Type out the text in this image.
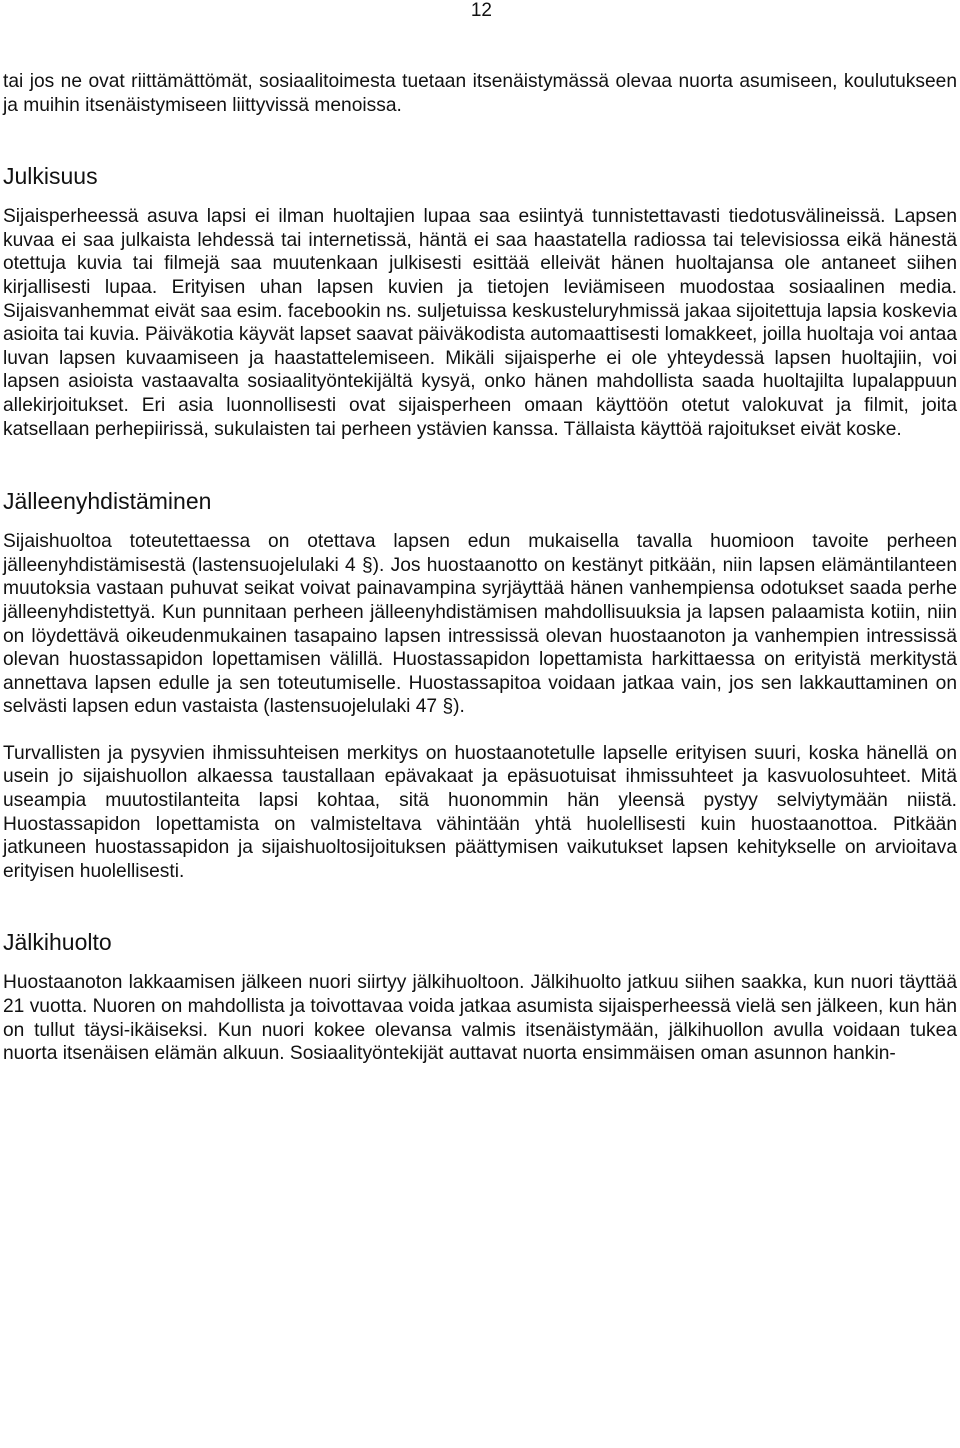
12

tai jos ne ovat riittämättömät, sosiaalitoimesta tuetaan itsenäistymässä olevaa nuorta asumiseen, koulutukseen ja muihin itsenäistymiseen liittyvissä menoissa.

Julkisuus

Sijaisperheessä asuva lapsi ei ilman huoltajien lupaa saa esiintyä tunnistettavasti tiedotusvälineissä. Lapsen kuvaa ei saa julkaista lehdessä tai internetissä, häntä ei saa haastatella radiossa tai televisiossa eikä hänestä otettuja kuvia tai filmejä saa muutenkaan julkisesti esittää elleivät hänen huoltajansa ole antaneet siihen kirjallisesti lupaa. Erityisen uhan lapsen kuvien ja tietojen leviämiseen muodostaa sosiaalinen media. Sijaisvanhemmat eivät saa esim. facebookin ns. suljetuissa keskusteluryhmissä jakaa sijoitettuja lapsia koskevia asioita tai kuvia. Päiväkotia käyvät lapset saavat päiväkodista automaattisesti lomakkeet, joilla huoltaja voi antaa luvan lapsen kuvaamiseen ja haastattelemiseen. Mikäli sijaisperhe ei ole yhteydessä lapsen huoltajiin, voi lapsen asioista vastaavalta sosiaalityöntekijältä kysyä, onko hänen mahdollista saada huoltajilta lupalappuun allekirjoitukset. Eri asia luonnollisesti ovat sijaisperheen omaan käyttöön otetut valokuvat ja filmit, joita katsellaan perhepiirissä, sukulaisten tai perheen ystävien kanssa. Tällaista käyttöä rajoitukset eivät koske.

Jälleenyhdistäminen

Sijaishuoltoa toteutettaessa on otettava lapsen edun mukaisella tavalla huomioon tavoite perheen jälleenyhdistämisestä (lastensuojelulaki 4 §). Jos huostaanotto on kestänyt pitkään, niin lapsen elämäntilanteen muutoksia vastaan puhuvat seikat voivat painavampina syrjäyttää hänen vanhempiensa odotukset saada perhe jälleenyhdistettyä. Kun punnitaan perheen jälleenyhdistämisen mahdollisuuksia ja lapsen palaamista kotiin, niin on löydettävä oikeudenmukainen tasapaino lapsen intressissä olevan huostaanoton ja vanhempien intressissä olevan huostassapidon lopettamisen välillä. Huostassapidon lopettamista harkittaessa on erityistä merkitystä annettava lapsen edulle ja sen toteutumiselle. Huostassapitoa voidaan jatkaa vain, jos sen lakkauttaminen on selvästi lapsen edun vastaista (lastensuojelulaki 47 §).

Turvallisten ja pysyvien ihmissuhteisen merkitys on huostaanotetulle lapselle erityisen suuri, koska hänellä on usein jo sijaishuollon alkaessa taustallaan epävakaat ja epäsuotuisat ihmissuhteet ja kasvuolosuhteet. Mitä useampia muutostilanteita lapsi kohtaa, sitä huonommin hän yleensä pystyy selviytymään niistä. Huostassapidon lopettamista on valmisteltava vähintään yhtä huolellisesti kuin huostaanottoa. Pitkään jatkuneen huostassapidon ja sijaishuoltosijoituksen päättymisen vaikutukset lapsen kehitykselle on arvioitava erityisen huolellisesti.

Jälkihuolto

Huostaanoton lakkaamisen jälkeen nuori siirtyy jälkihuoltoon. Jälkihuolto jatkuu siihen saakka, kun nuori täyttää 21 vuotta. Nuoren on mahdollista ja toivottavaa voida jatkaa asumista sijaisperheessä vielä sen jälkeen, kun hän on tullut täysi-ikäiseksi. Kun nuori kokee olevansa valmis itsenäistymään, jälkihuollon avulla voidaan tukea nuorta itsenäisen elämän alkuun. Sosiaalityöntekijät auttavat nuorta ensimmäisen oman asunnon hankin-
